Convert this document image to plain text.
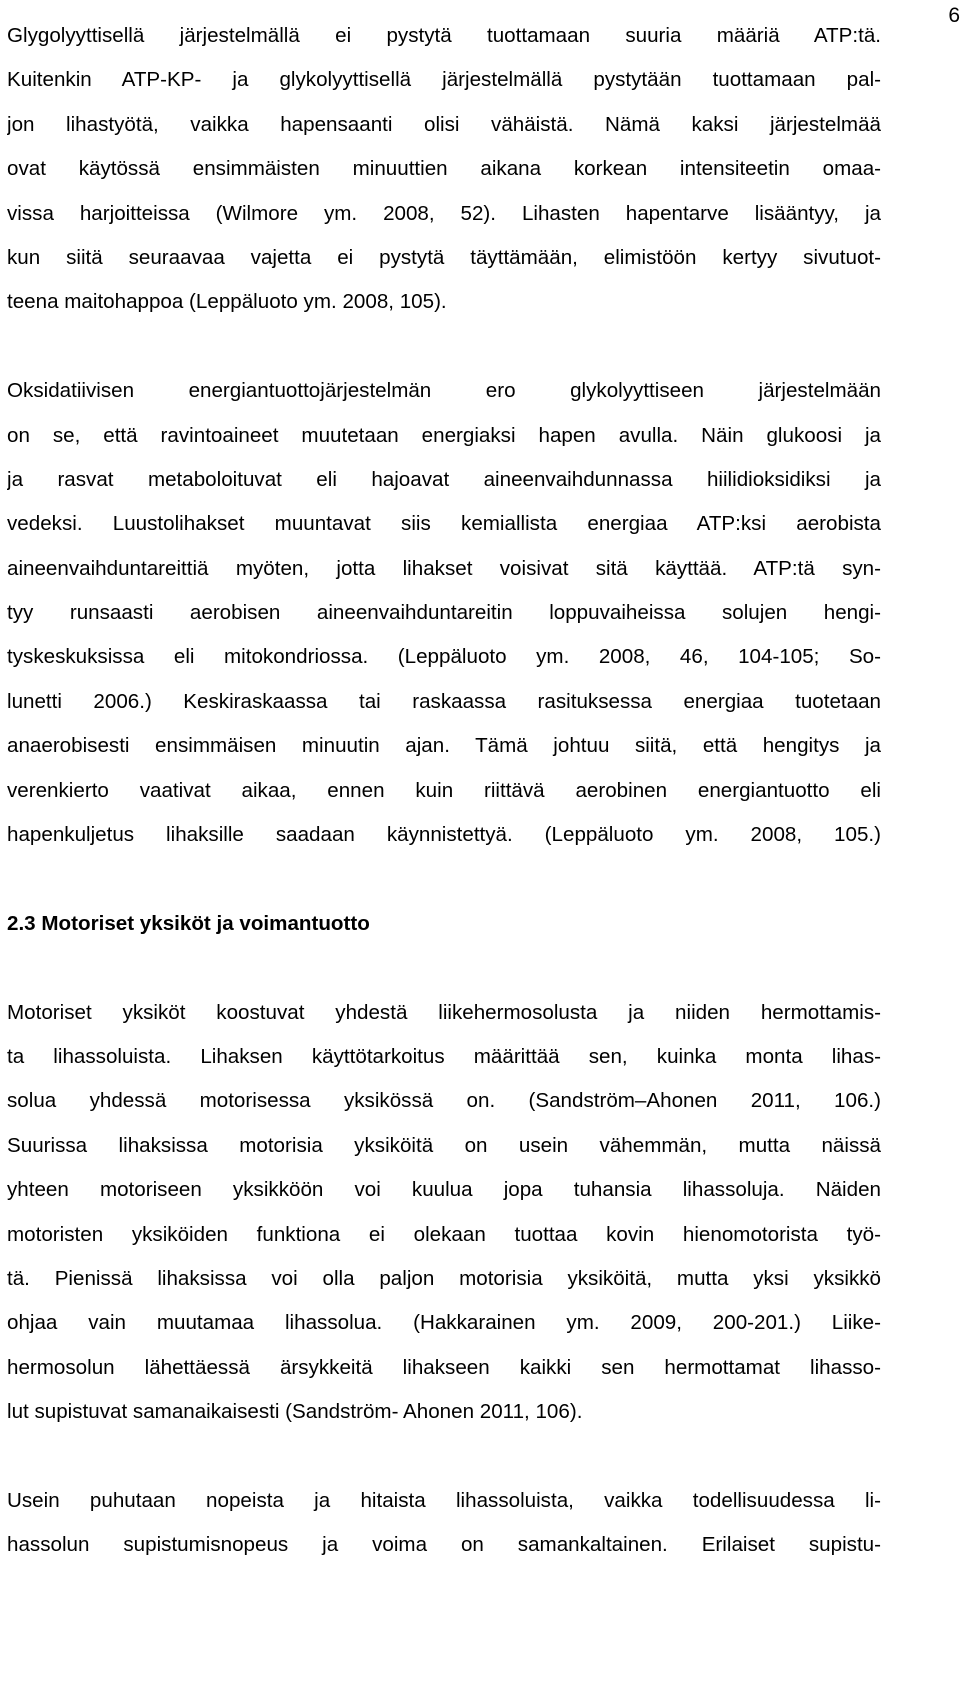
6
Glygolyyttisellä järjestelmällä ei pystytä tuottamaan suuria määriä ATP:tä.
Kuitenkin ATP-KP- ja glykolyyttisellä järjestelmällä pystytään tuottamaan pal-
jon lihastyötä, vaikka hapensaanti olisi vähäistä. Nämä kaksi järjestelmää
ovat käytössä ensimmäisten minuuttien aikana korkean intensiteetin omaa-
vissa harjoitteissa (Wilmore ym. 2008, 52). Lihasten hapentarve lisääntyy, ja
kun siitä seuraavaa vajetta ei pystytä täyttämään, elimistöön kertyy sivutuot-
teena maitohappoa (Leppäluoto ym. 2008, 105).
Oksidatiivisen energiantuottojärjestelmän ero glykolyyttiseen järjestelmään
on se, että ravintoaineet muutetaan energiaksi hapen avulla. Näin glukoosi ja
ja rasvat metaboloituvat eli hajoavat aineenvaihdunnassa hiilidioksidiksi ja
vedeksi. Luustolihakset muuntavat siis kemiallista energiaa ATP:ksi aerobista
aineenvaihduntareittiä myöten, jotta lihakset voisivat sitä käyttää. ATP:tä syn-
tyy runsaasti aerobisen aineenvaihduntareitin loppuvaiheissa solujen hengi-
tyskeskuksissa eli mitokondriossa. (Leppäluoto ym. 2008, 46, 104-105; So-
lunetti 2006.) Keskiraskaassa tai raskaassa rasituksessa energiaa tuotetaan
anaerobisesti ensimmäisen minuutin ajan. Tämä johtuu siitä, että hengitys ja
verenkierto vaativat aikaa, ennen kuin riittävä aerobinen energiantuotto eli
hapenkuljetus lihaksille saadaan käynnistettyä. (Leppäluoto ym. 2008, 105.)
2.3 Motoriset yksiköt ja voimantuotto
Motoriset yksiköt koostuvat yhdestä liikehermosolusta ja niiden hermottamis-
ta lihassoluista. Lihaksen käyttötarkoitus määrittää sen, kuinka monta lihas-
solua yhdessä motorisessa yksikössä on. (Sandström–Ahonen 2011, 106.)
Suurissa lihaksissa motorisia yksiköitä on usein vähemmän, mutta näissä
yhteen motoriseen yksikköön voi kuulua jopa tuhansia lihassoluja. Näiden
motoristen yksiköiden funktiona ei olekaan tuottaa kovin hienomotorista työ-
tä. Pienissä lihaksissa voi olla paljon motorisia yksiköitä, mutta yksi yksikkö
ohjaa vain muutamaa lihassolua. (Hakkarainen ym. 2009, 200-201.) Liike-
hermosolun lähettäessä ärsykkeitä lihakseen kaikki sen hermottamat lihasso-
lut supistuvat samanaikaisesti (Sandström- Ahonen 2011, 106).
Usein puhutaan nopeista ja hitaista lihassoluista, vaikka todellisuudessa li-
hassolun supistumisnopeus ja voima on samankaltainen. Erilaiset supistu-
